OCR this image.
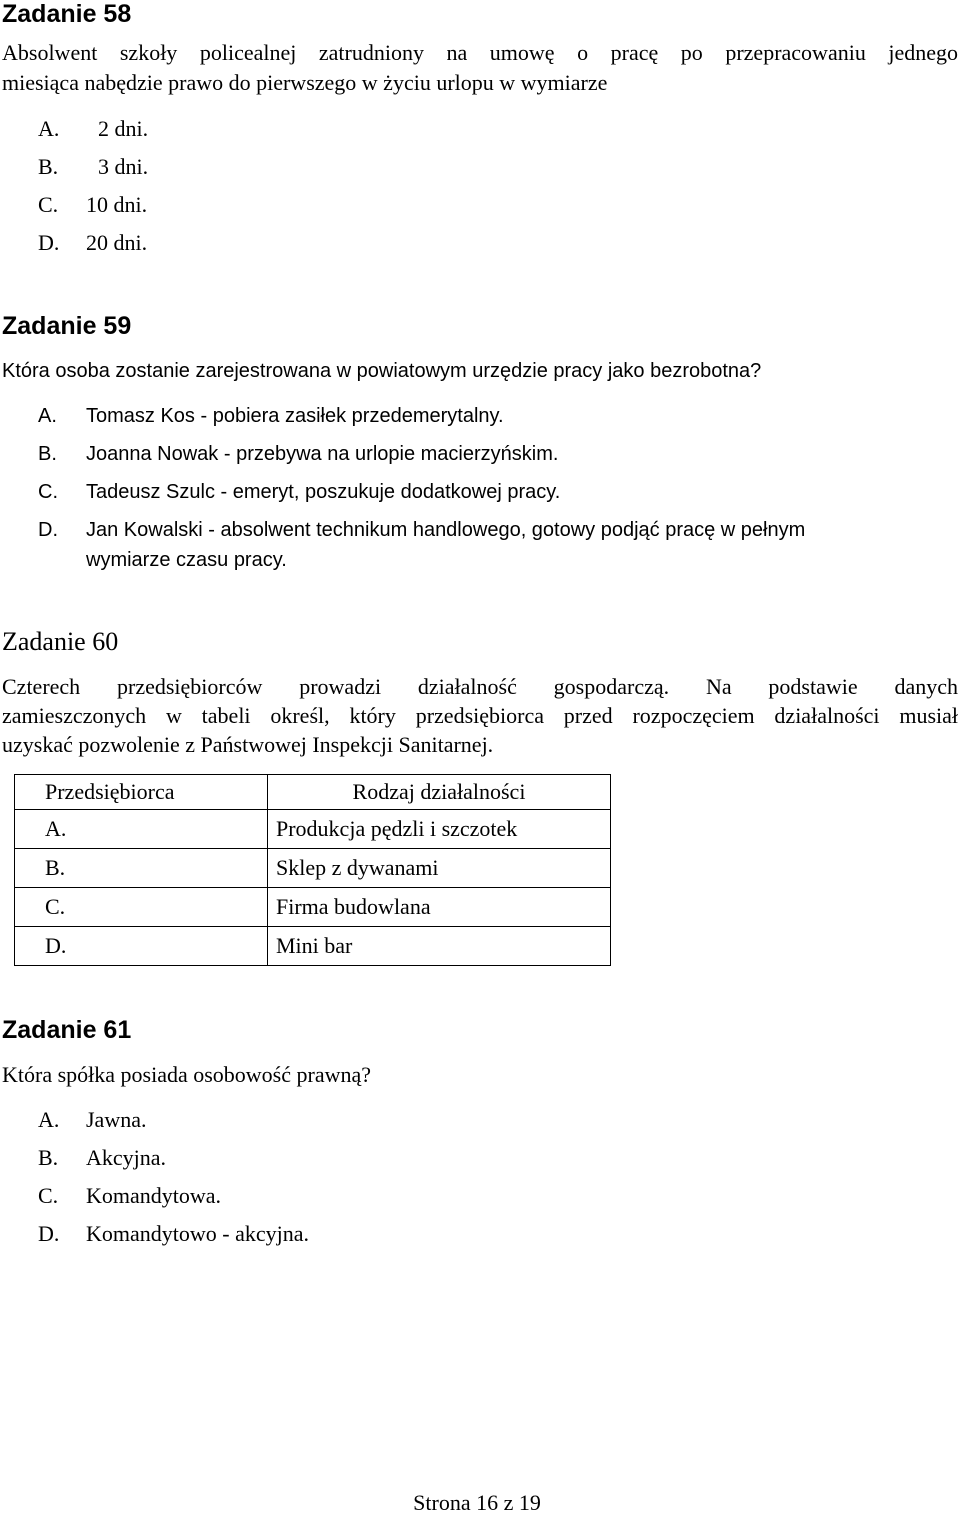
Zadanie 58
Absolwent szkoły policealnej zatrudniony na umowę o pracę po przepracowaniu jednego
miesiąca nabędzie prawo do pierwszego w życiu urlopu w wymiarze
A. 2 dni.
B. 3 dni.
C. 10 dni.
D. 20 dni.
Zadanie 59
Która osoba zostanie zarejestrowana w powiatowym urzędzie pracy jako bezrobotna?
A. Tomasz Kos - pobiera zasiłek przedemerytalny.
B. Joanna Nowak - przebywa na urlopie macierzyńskim.
C. Tadeusz Szulc - emeryt, poszukuje dodatkowej pracy.
D. Jan Kowalski - absolwent technikum handlowego, gotowy podjąć pracę w pełnym
wymiarze czasu pracy.
Zadanie 60
Czterech przedsiębiorców prowadzi działalność gospodarczą. Na podstawie danych
zamieszczonych w tabeli określ, który przedsiębiorca przed rozpoczęciem działalności musiał
uzyskać pozwolenie z Państwowej Inspekcji Sanitarnej.
Przedsiębiorca	Rodzaj działalności
A.	Produkcja pędzli i szczotek
B.	Sklep z dywanami
C.	Firma budowlana
D.	Mini bar
Zadanie 61
Która spółka posiada osobowość prawną?
A. Jawna.
B. Akcyjna.
C. Komandytowa.
D. Komandytowo - akcyjna.
Strona 16 z 19
